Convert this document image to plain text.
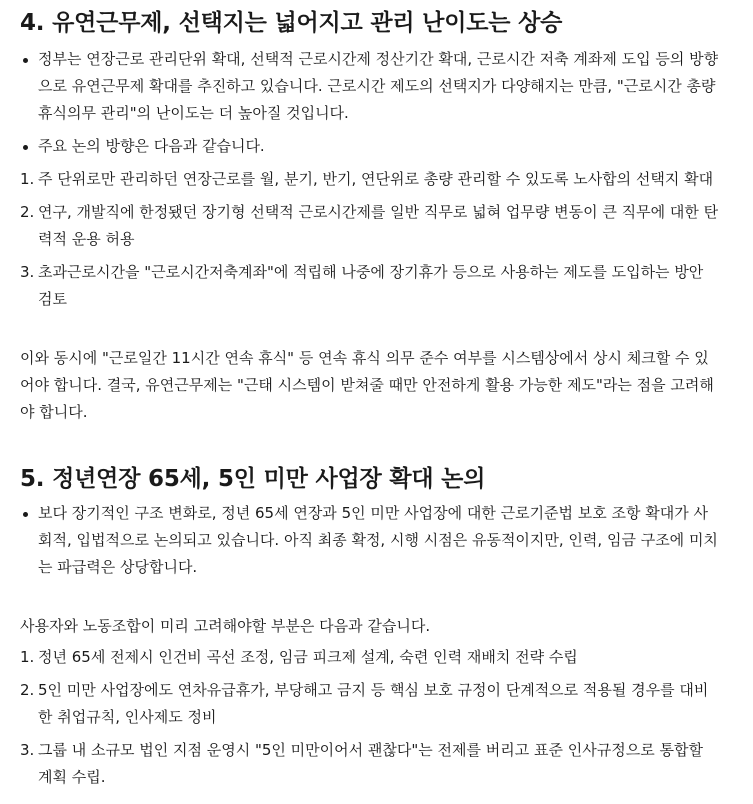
4. 유연근무제, 선택지는 넓어지고 관리 난이도는 상승
정부는 연장근로 관리단위 확대, 선택적 근로시간제 정산기간 확대, 근로시간 저축 계좌제 도입 등의 방향으로 유연근무제 확대를 추진하고 있습니다. 근로시간 제도의 선택지가 다양해지는 만큼, "근로시간 총량 휴식의무 관리"의 난이도는 더 높아질 것입니다.
주요 논의 방향은 다음과 같습니다.
1. 주 단위로만 관리하던 연장근로를 월, 분기, 반기, 연단위로 총량 관리할 수 있도록 노사합의 선택지 확대
2. 연구, 개발직에 한정됐던 장기형 선택적 근로시간제를 일반 직무로 넓혀 업무량 변동이 큰 직무에 대한 탄력적 운용 허용
3. 초과근로시간을 "근로시간저축계좌"에 적립해 나중에 장기휴가 등으로 사용하는 제도를 도입하는 방안 검토

이와 동시에 "근로일간 11시간 연속 휴식" 등 연속 휴식 의무 준수 여부를 시스템상에서 상시 체크할 수 있어야 합니다. 결국, 유연근무제는 "근태 시스템이 받쳐줄 때만 안전하게 활용 가능한 제도"라는 점을 고려해야 합니다.

5. 정년연장 65세, 5인 미만 사업장 확대 논의
보다 장기적인 구조 변화로, 정년 65세 연장과 5인 미만 사업장에 대한 근로기준법 보호 조항 확대가 사회적, 입법적으로 논의되고 있습니다. 아직 최종 확정, 시행 시점은 유동적이지만, 인력, 임금 구조에 미치는 파급력은 상당합니다.

사용자와 노동조합이 미리 고려해야할 부분은 다음과 같습니다.

1. 정년 65세 전제시 인건비 곡선 조정, 임금 피크제 설계, 숙련 인력 재배치 전략 수립
2. 5인 미만 사업장에도 연차유급휴가, 부당해고 금지 등 핵심 보호 규정이 단계적으로 적용될 경우를 대비한 취업규칙, 인사제도 정비
3. 그룹 내 소규모 법인 지점 운영시 "5인 미만이어서 괜찮다"는 전제를 버리고 표준 인사규정으로 통합할 계획 수립.
